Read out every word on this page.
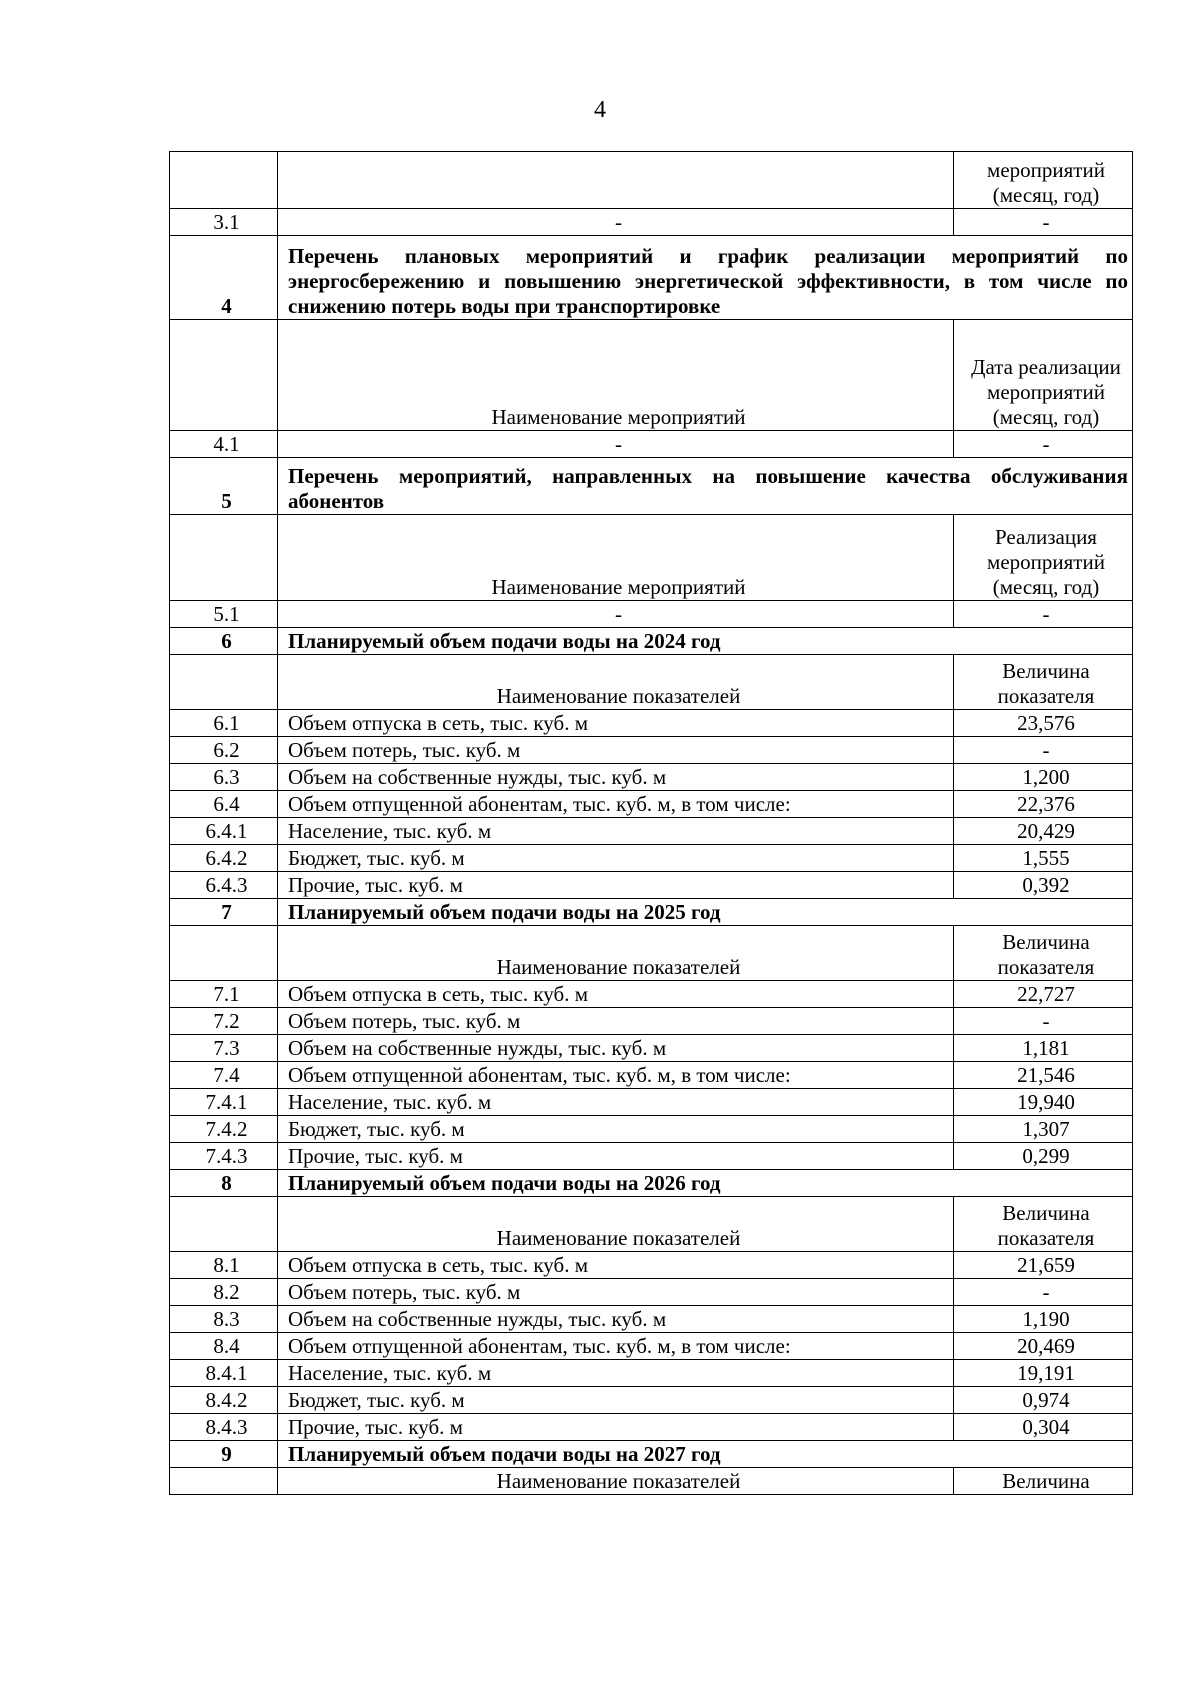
4
		мероприятий (месяц, год)
3.1	-	-
4	Перечень плановых мероприятий и график реализации мероприятий по энергосбережению и повышению энергетической эффективности, в том числе по снижению потерь воды при транспортировке	
	Наименование мероприятий	Дата реализации мероприятий (месяц, год)
4.1	-	-
5	Перечень мероприятий, направленных на повышение качества обслуживания абонентов	
	Наименование мероприятий	Реализация мероприятий (месяц, год)
5.1	-	-
6	Планируемый объем подачи воды на 2024 год	
	Наименование показателей	Величина показателя
6.1	Объем отпуска в сеть, тыс. куб. м	23,576
6.2	Объем потерь, тыс. куб. м	-
6.3	Объем на собственные нужды, тыс. куб. м	1,200
6.4	Объем отпущенной абонентам, тыс. куб. м, в том числе:	22,376
6.4.1	Население, тыс. куб. м	20,429
6.4.2	Бюджет, тыс. куб. м	1,555
6.4.3	Прочие, тыс. куб. м	0,392
7	Планируемый объем подачи воды на 2025 год	
	Наименование показателей	Величина показателя
7.1	Объем отпуска в сеть, тыс. куб. м	22,727
7.2	Объем потерь, тыс. куб. м	-
7.3	Объем на собственные нужды, тыс. куб. м	1,181
7.4	Объем отпущенной абонентам, тыс. куб. м, в том числе:	21,546
7.4.1	Население, тыс. куб. м	19,940
7.4.2	Бюджет, тыс. куб. м	1,307
7.4.3	Прочие, тыс. куб. м	0,299
8	Планируемый объем подачи воды на 2026 год	
	Наименование показателей	Величина показателя
8.1	Объем отпуска в сеть, тыс. куб. м	21,659
8.2	Объем потерь, тыс. куб. м	-
8.3	Объем на собственные нужды, тыс. куб. м	1,190
8.4	Объем отпущенной абонентам, тыс. куб. м, в том числе:	20,469
8.4.1	Население, тыс. куб. м	19,191
8.4.2	Бюджет, тыс. куб. м	0,974
8.4.3	Прочие, тыс. куб. м	0,304
9	Планируемый объем подачи воды на 2027 год	
	Наименование показателей	Величина
